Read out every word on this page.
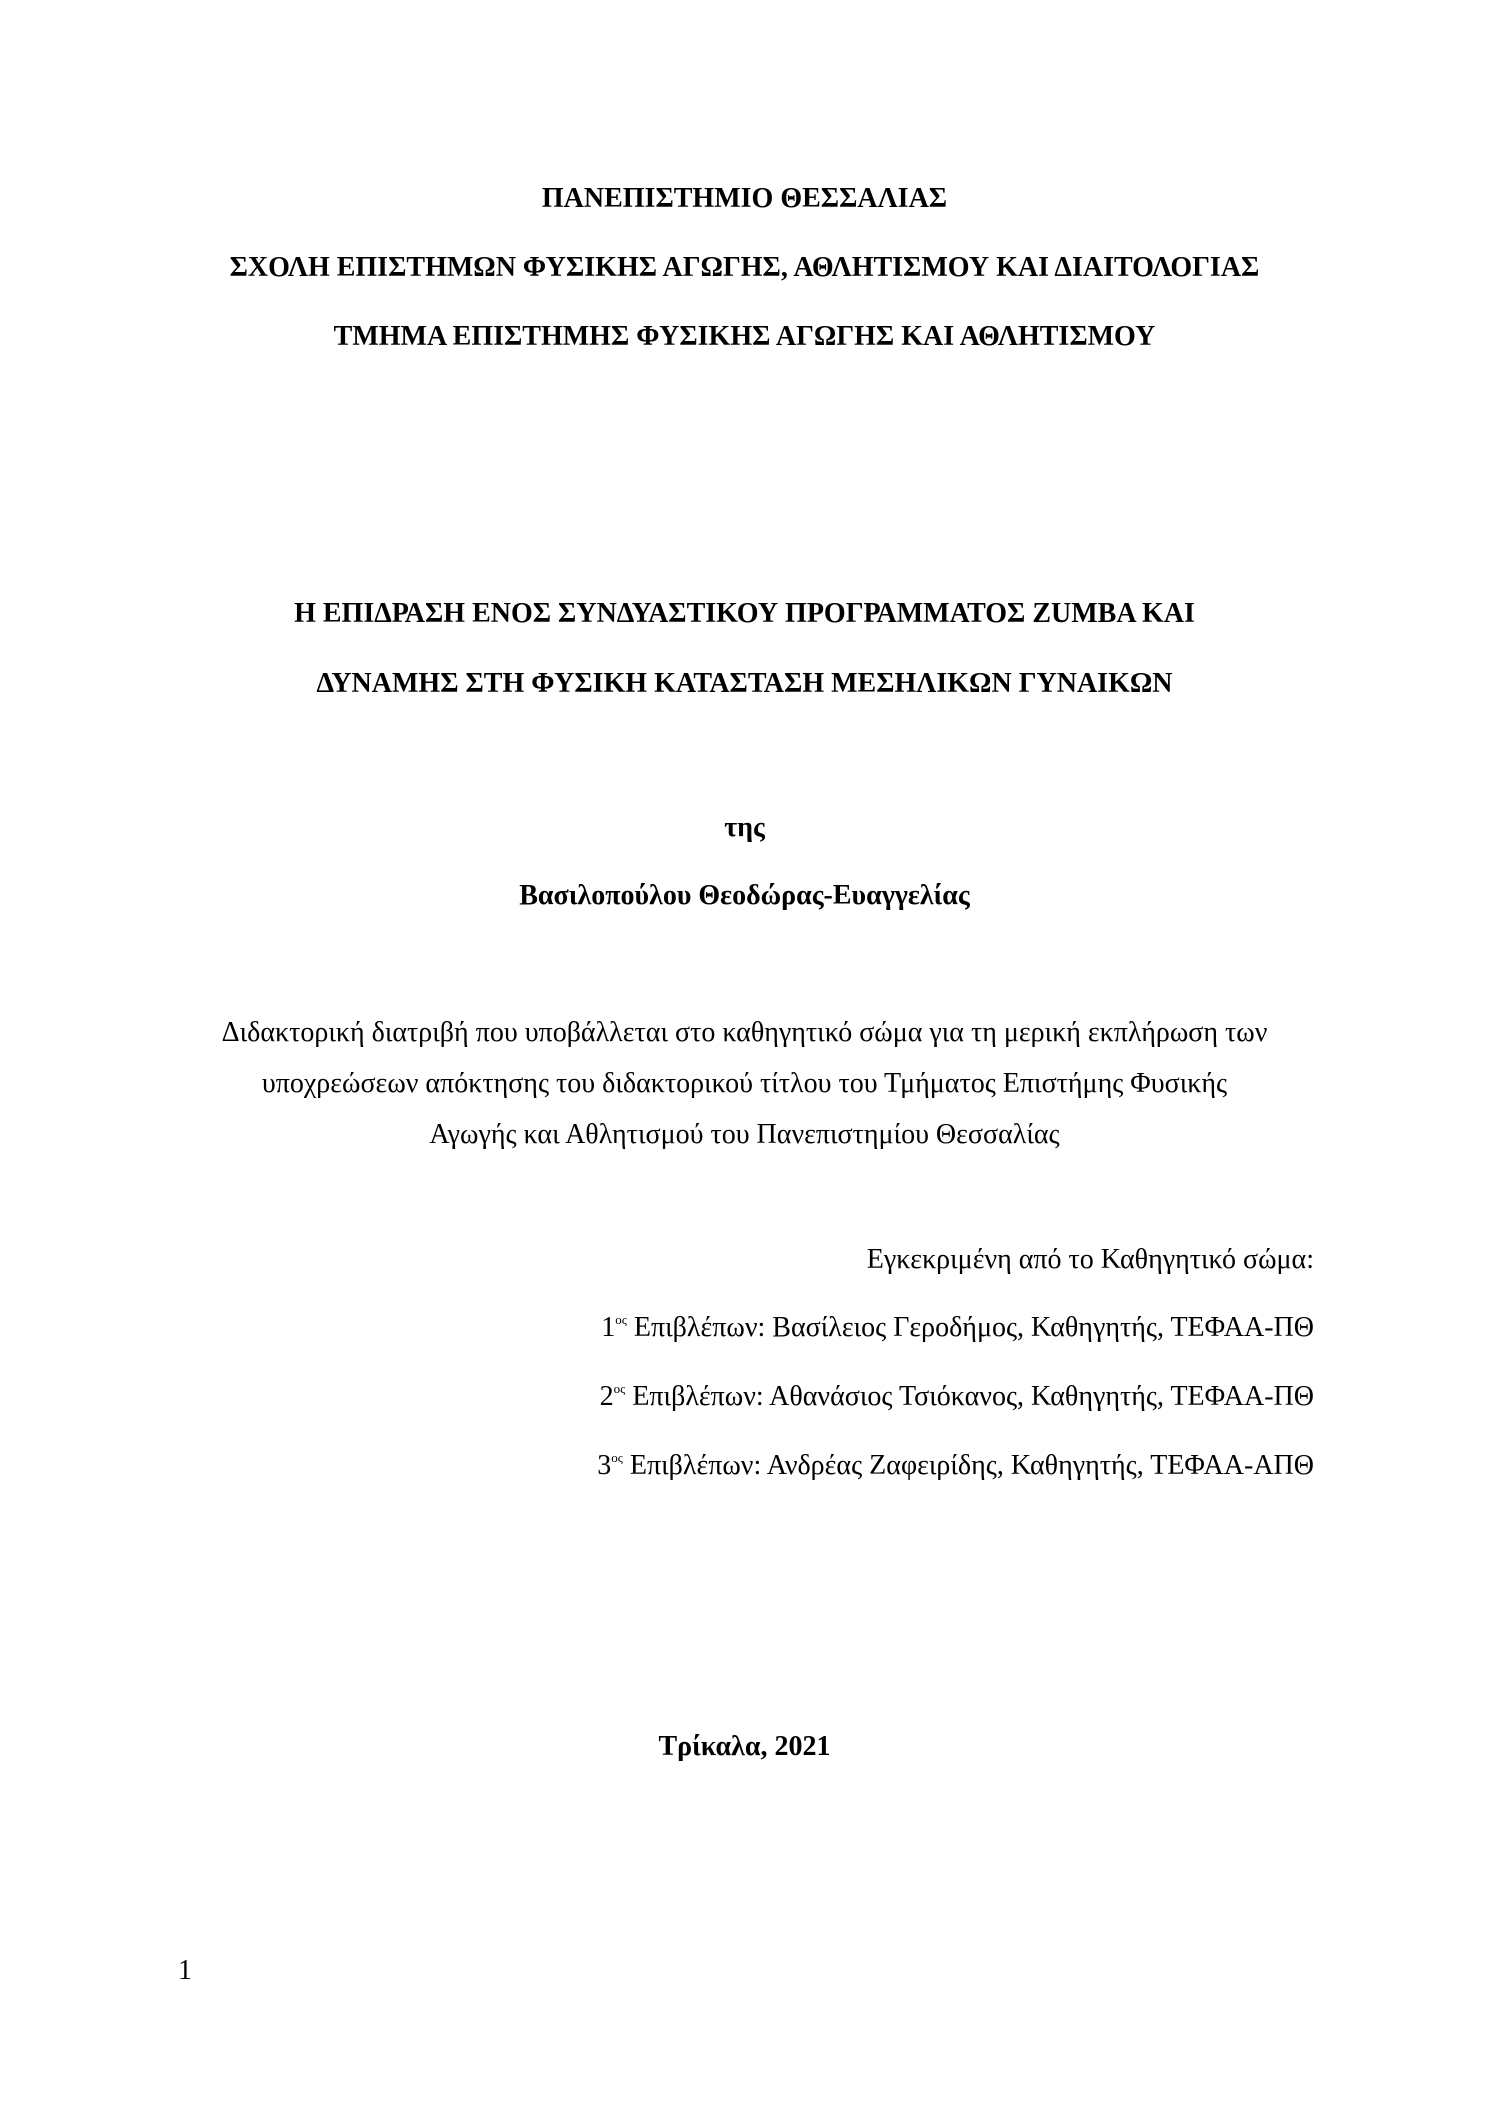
ΠΑΝΕΠΙΣΤΗΜΙΟ ΘΕΣΣΑΛΙΑΣ
ΣΧΟΛΗ ΕΠΙΣΤΗΜΩΝ ΦΥΣΙΚΗΣ ΑΓΩΓΗΣ, ΑΘΛΗΤΙΣΜΟΥ ΚΑΙ ΔΙΑΙΤΟΛΟΓΙΑΣ
ΤΜΗΜΑ ΕΠΙΣΤΗΜΗΣ ΦΥΣΙΚΗΣ ΑΓΩΓΗΣ ΚΑΙ ΑΘΛΗΤΙΣΜΟΥ
Η ΕΠΙΔΡΑΣΗ ΕΝΟΣ ΣΥΝΔΥΑΣΤΙΚΟΥ ΠΡΟΓΡΑΜΜΑΤΟΣ ZUMBA ΚΑΙ
ΔΥΝΑΜΗΣ ΣΤΗ ΦΥΣΙΚΗ ΚΑΤΑΣΤΑΣΗ ΜΕΣΗΛΙΚΩΝ ΓΥΝΑΙΚΩΝ
της
Βασιλοπούλου Θεοδώρας-Ευαγγελίας
Διδακτορική διατριβή που υποβάλλεται στο καθηγητικό σώμα για τη μερική εκπλήρωση των
υποχρεώσεων απόκτησης του διδακτορικού τίτλου του Τμήματος Επιστήμης Φυσικής
Αγωγής και Αθλητισμού του Πανεπιστημίου Θεσσαλίας
Εγκεκριμένη από το Καθηγητικό σώμα:
$1^{o\varsigma}$ Επιβλέπων: Βασίλειος Γεροδήμος, Καθηγητής, ΤΕΦΑΑ-ΠΘ
$2^{o\varsigma}$ Επιβλέπων: Αθανάσιος Τσιόκανος, Καθηγητής, ΤΕΦΑΑ-ΠΘ
$3^{o\varsigma}$ Επιβλέπων: Ανδρέας Ζαφειρίδης, Καθηγητής, ΤΕΦΑΑ-ΑΠΘ
Τρίκαλα, 2021
1
